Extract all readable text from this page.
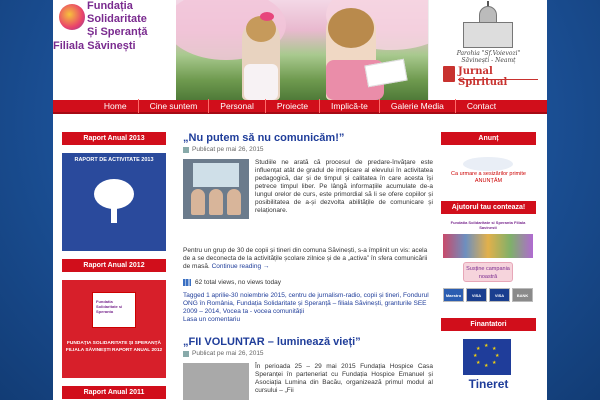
Fundația
Solidaritate
Și Speranță
Filiala Săvinești
Parohia "Sf.Voievozi"
Săvinești - Neamț
Jurnal Spiritual
Home	Cine suntem	Personal	Proiecte	Implică-te	Galerie Media	Contact
Raport Anual 2013
RAPORT DE ACTIVITATE 2013
Raport Anual 2012
Fundatia Solidaritate si Speranta
FUNDAȚIA SOLIDARITATE ȘI SPERANȚĂ FILIALA SĂVINEȘTI RAPORT ANUAL 2012
Raport Anual 2011
„Nu putem să nu comunicăm!”
Publicat pe mai 26, 2015
Studiile ne arată că procesul de predare-învățare este influențat atât de gradul de implicare al elevului în activitatea pedagogică, dar și de timpul și calitatea în care acesta își petrece timpul liber. Pe lângă informațiile acumulate de-a lungul orelor de curs, este primordial să li se ofere copiilor și posibilitatea de a-și dezvolta abilitățile de comunicare și relaționare.
Pentru un grup de 30 de copii și tineri din comuna Săvinești, s-a împlinit un vis: acela de a se deconecta de la activitățile școlare zilnice și de a „activa” în sfera comunicării de masă. Continue reading →
62 total views, no views today
Tagged 1 aprilie-30 noiembrie 2015, centru de jurnalism-radio, copii și tineri, Fondurul ONG în România, Fundația Solidaritate și Speranță – filiala Săvinești, granturile SEE 2009 – 2014, Vocea ta - vocea comunității
Lasa un comentariu
„FII VOLUNTAR – luminează vieți”
Publicat pe mai 26, 2015
În perioada 25 – 29 mai 2015 Fundația Hospice Casa Speranței în parteneriat cu Fundația Hospice Emanuel și Asociația Lumina din Bacău, organizează primul modul al cursului – „Fii
Anunț
Ca urmare a sesizărilor primite ANUNȚĂM
Ajutorul tau conteaza!
Fundatia Solidaritate si Speranta Filiala Savinesti
Susține campania noastră
Maestro	VISA	VISA	BANK
Finantatori
★ ★
★
★
★
★
★
★
Tineret
